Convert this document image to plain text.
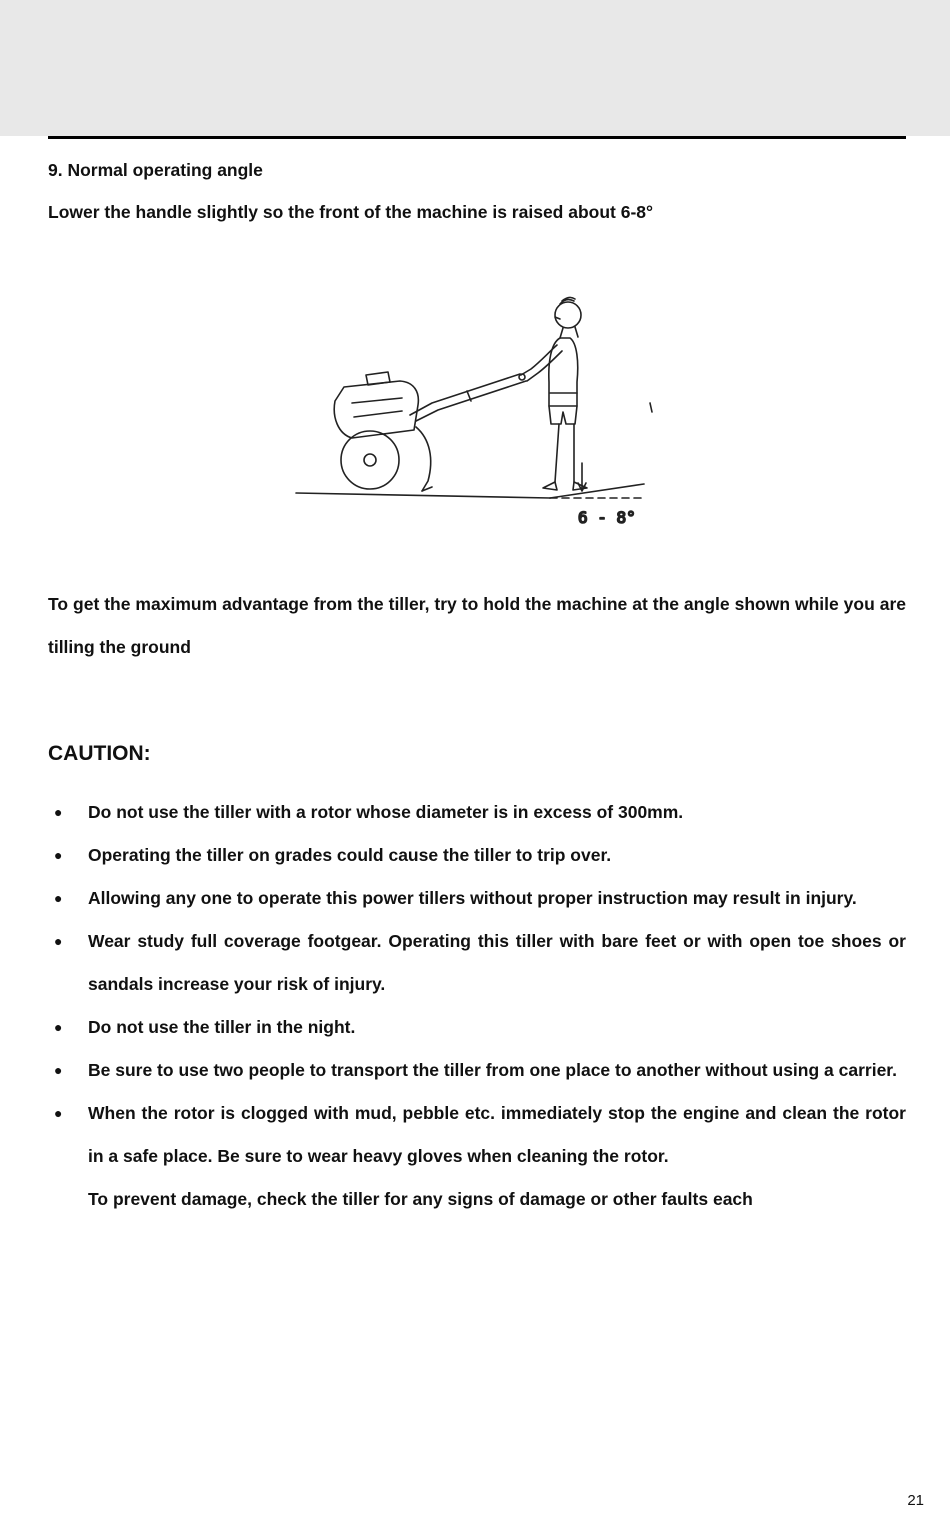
9. Normal operating angle
Lower the handle slightly so the front of the machine is raised about 6-8°
6 - 8°
To get the maximum advantage from the tiller, try to hold the machine at the angle shown while you are tilling the ground
CAUTION:
● Do not use the tiller with a rotor whose diameter is in excess of 300mm.
● Operating the tiller on grades could cause the tiller to trip over.
● Allowing any one to operate this power tillers without proper instruction may result in injury.
● Wear study full coverage footgear. Operating this tiller with bare feet or with open toe shoes or sandals increase your risk of injury.
● Do not use the tiller in the night.
● Be sure to use two people to transport the tiller from one place to another without using a carrier.
● When the rotor is clogged with mud, pebble etc. immediately stop the engine and clean the rotor in a safe place. Be sure to wear heavy gloves when cleaning the rotor.
To prevent damage, check the tiller for any signs of damage or other faults each
21
